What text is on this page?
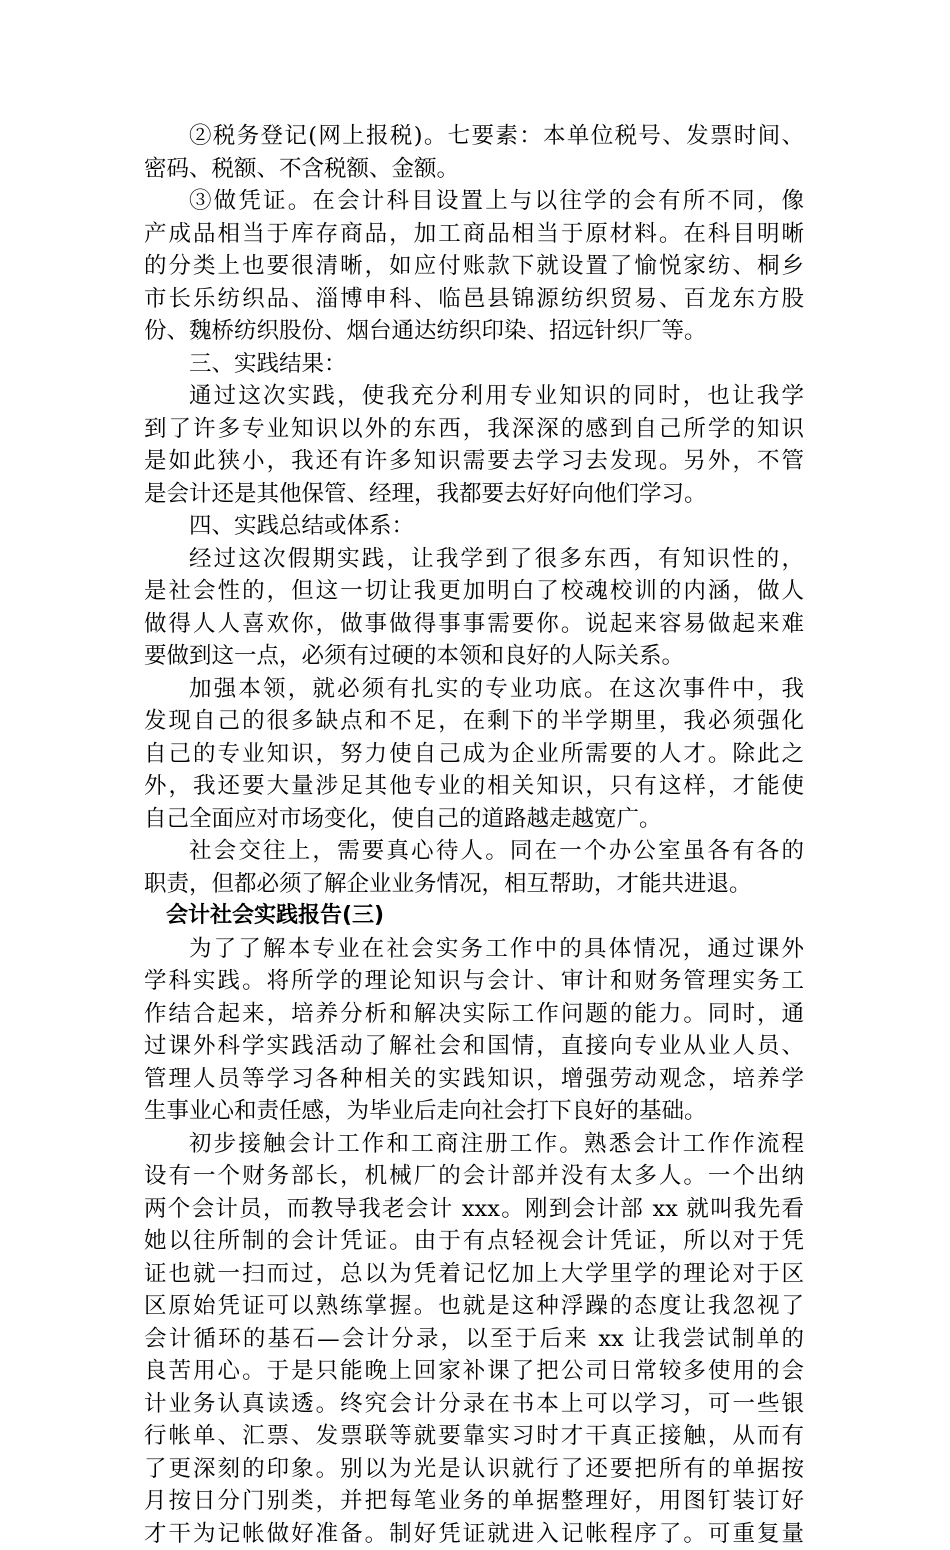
②税务登记(网上报税)。七要素：本单位税号、发票时间、
密码、税额、不含税额、金额。
③做凭证。在会计科目设置上与以往学的会有所不同，像
产成品相当于库存商品，加工商品相当于原材料。在科目明晰
的分类上也要很清晰，如应付账款下就设置了愉悦家纺、桐乡
市长乐纺织品、淄博申科、临邑县锦源纺织贸易、百龙东方股
份、魏桥纺织股份、烟台通达纺织印染、招远针织厂等。
三、实践结果：
通过这次实践，使我充分利用专业知识的同时，也让我学
到了许多专业知识以外的东西，我深深的感到自己所学的知识
是如此狭小，我还有许多知识需要去学习去发现。另外，不管
是会计还是其他保管、经理，我都要去好好向他们学习。
四、实践总结或体系：
经过这次假期实践，让我学到了很多东西，有知识性的，
是社会性的，但这一切让我更加明白了校魂校训的内涵，做人
做得人人喜欢你，做事做得事事需要你。说起来容易做起来难
要做到这一点，必须有过硬的本领和良好的人际关系。
加强本领，就必须有扎实的专业功底。在这次事件中，我
发现自己的很多缺点和不足，在剩下的半学期里，我必须强化
自己的专业知识，努力使自己成为企业所需要的人才。除此之
外，我还要大量涉足其他专业的相关知识，只有这样，才能使
自己全面应对市场变化，使自己的道路越走越宽广。
社会交往上，需要真心待人。同在一个办公室虽各有各的
职责，但都必须了解企业业务情况，相互帮助，才能共进退。
会计社会实践报告(三)
为了了解本专业在社会实务工作中的具体情况，通过课外
学科实践。将所学的理论知识与会计、审计和财务管理实务工
作结合起来，培养分析和解决实际工作问题的能力。同时，通
过课外科学实践活动了解社会和国情，直接向专业从业人员、
管理人员等学习各种相关的实践知识，增强劳动观念，培养学
生事业心和责任感，为毕业后走向社会打下良好的基础。
初步接触会计工作和工商注册工作。熟悉会计工作作流程
设有一个财务部长，机械厂的会计部并没有太多人。一个出纳
两个会计员，而教导我老会计 xxx。刚到会计部 xx 就叫我先看
她以往所制的会计凭证。由于有点轻视会计凭证，所以对于凭
证也就一扫而过，总以为凭着记忆加上大学里学的理论对于区
区原始凭证可以熟练掌握。也就是这种浮躁的态度让我忽视了
会计循环的基石—会计分录，以至于后来 xx 让我尝试制单的
良苦用心。于是只能晚上回家补课了把公司日常较多使用的会
计业务认真读透。终究会计分录在书本上可以学习，可一些银
行帐单、汇票、发票联等就要靠实习时才干真正接触，从而有
了更深刻的印象。别以为光是认识就行了还要把所有的单据按
月按日分门别类，并把每笔业务的单据整理好，用图钉装订好
才干为记帐做好准备。制好凭证就进入记帐程序了。可重复量
